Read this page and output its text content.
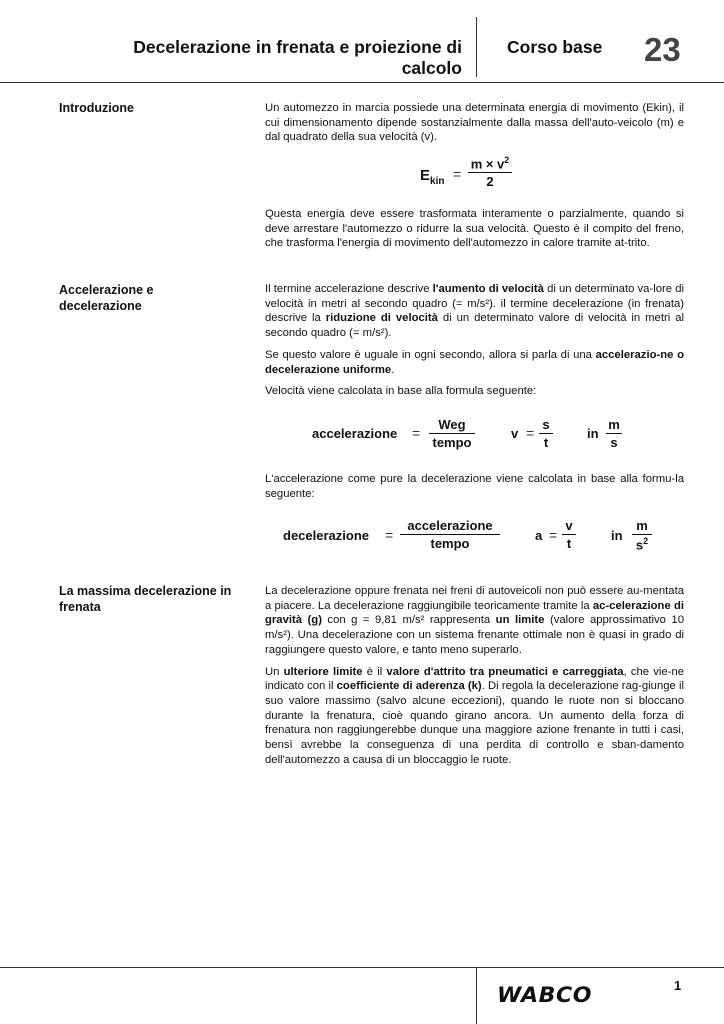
Decelerazione in frenata e proiezione di
calcolo
Corso base 23
Introduzione	Un automezzo in marcia possiede una determinata energia di movimento (Ekin), il cui dimensionamento dipende sostanzialmente dalla massa dell'auto-veicolo (m) e dal quadrato della sua velocità (v).

$E_{kin} = \frac{m \times v^2}{2}$

Questa energia deve essere trasformata interamente o parzialmente, quando si deve arrestare l'automezzo o ridurre la sua velocità. Questo è il compito del freno, che trasforma l'energia di movimento dell'automezzo in calore tramite at-trito.

Accelerazione e
decelerazione

Il termine accelerazione descrive l'aumento di velocità di un determinato va-lore di velocità in metri al secondo quadro (= m/s²). il termine decelerazione (in frenata) descrive la riduzione di velocità di un determinato valore di velocità in metri al secondo quadro (= m/s²).

Se questo valore è uguale in ogni secondo, allora si parla di una accelerazio-ne o decelerazione uniforme.

Velocità viene calcolata in base alla formula seguente:

accelerazione =
Weg
tempo
$v = \frac{s}{t}$	in $\frac{m}{s}$

L'accelerazione come pure la decelerazione viene calcolata in base alla formu-la seguente:

decelerazione =
accelerazione
tempo
$a = \frac{v}{t}$	in $\frac{m}{s^2}$
La massima decelerazione in
frenata

La decelerazione oppure frenata nei freni di autoveicoli non può essere au-mentata a piacere. La decelerazione raggiungibile teoricamente tramite la ac-celerazione di gravità (g) con g = 9,81 m/s² rappresenta un limite (valore approssimativo 10 m/s²). Una decelerazione con un sistema frenante ottimale non è quasi in grado di raggiungere questo valore, e tanto meno superarlo.

Un ulteriore limite è il valore d'attrito tra pneumatici e carreggiata, che vie-ne indicato con il coefficiente di aderenza (k). Di regola la decelerazione rag-giunge il suo valore massimo (salvo alcune eccezioni), quando le ruote non si bloccano durante la frenatura, cioè quando girano ancora. Un aumento della forza di frenatura non raggiungerebbe dunque una maggiore azione frenante in tutti i casi, bensì avrebbe la conseguenza di una perdita di controllo e sban-damento dell'automezzo a causa di un bloccaggio le ruote.

WABCO	1
